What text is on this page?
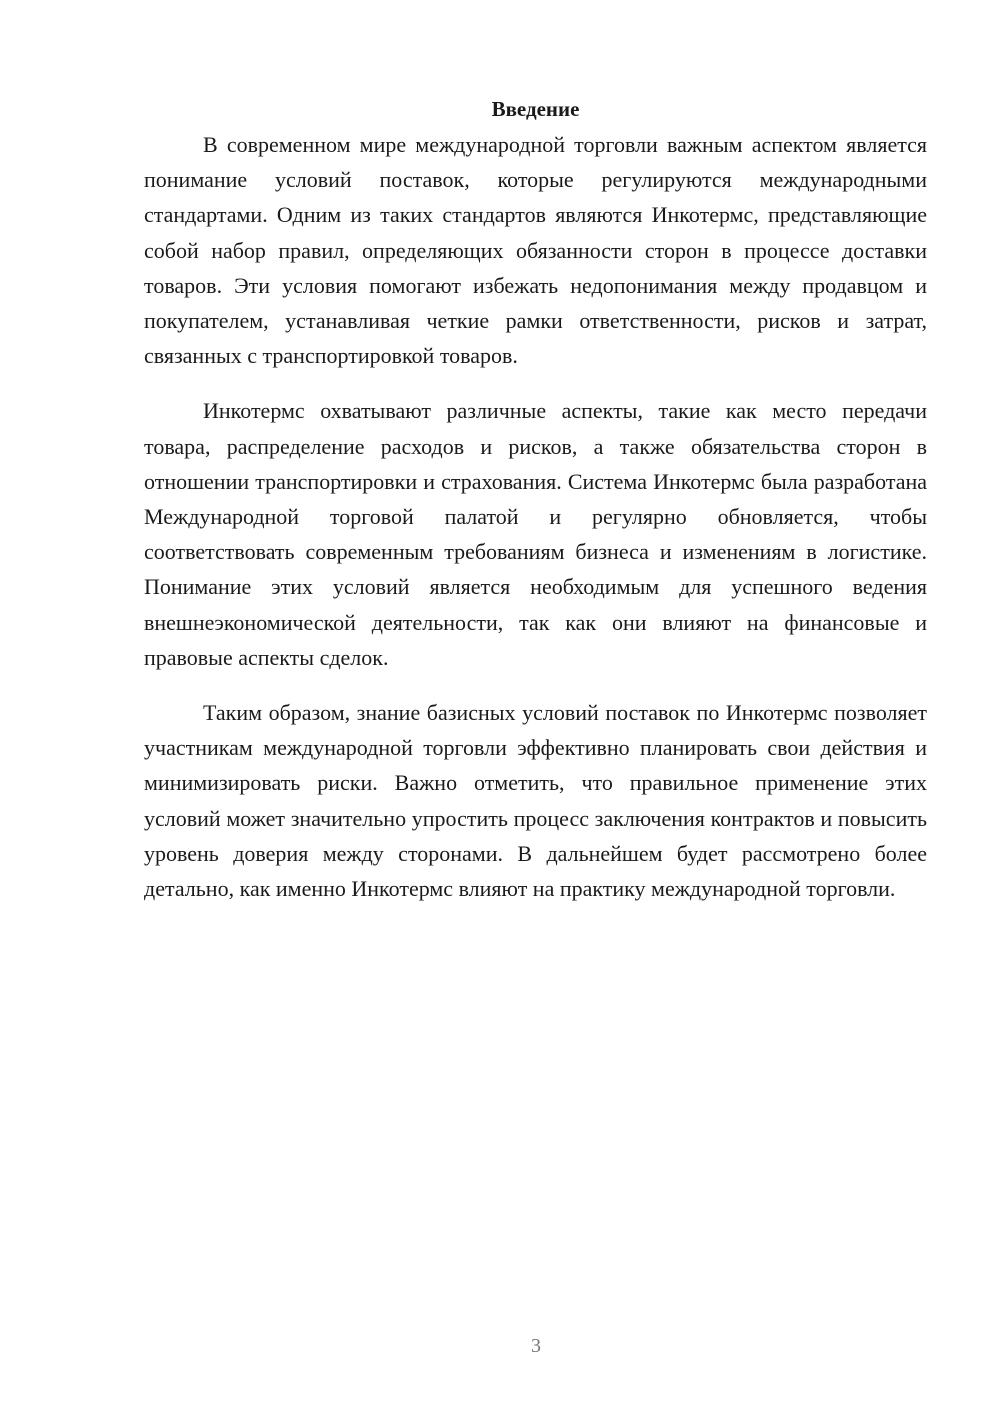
Введение

В современном мире международной торговли важным аспектом является понимание условий поставок, которые регулируются международными стандартами. Одним из таких стандартов являются Инкотермс, представляющие собой набор правил, определяющих обязанности сторон в процессе доставки товаров. Эти условия помогают избежать недопонимания между продавцом и покупателем, устанавливая четкие рамки ответственности, рисков и затрат, связанных с транспортировкой товаров.

Инкотермс охватывают различные аспекты, такие как место передачи товара, распределение расходов и рисков, а также обязательства сторон в отношении транспортировки и страхования. Система Инкотермс была разработана Международной торговой палатой и регулярно обновляется, чтобы соответствовать современным требованиям бизнеса и изменениям в логистике. Понимание этих условий является необходимым для успешного ведения внешнеэкономической деятельности, так как они влияют на финансовые и правовые аспекты сделок.

Таким образом, знание базисных условий поставок по Инкотермс позволяет участникам международной торговли эффективно планировать свои действия и минимизировать риски. Важно отметить, что правильное применение этих условий может значительно упростить процесс заключения контрактов и повысить уровень доверия между сторонами. В дальнейшем будет рассмотрено более детально, как именно Инкотермс влияют на практику международной торговли.

3
